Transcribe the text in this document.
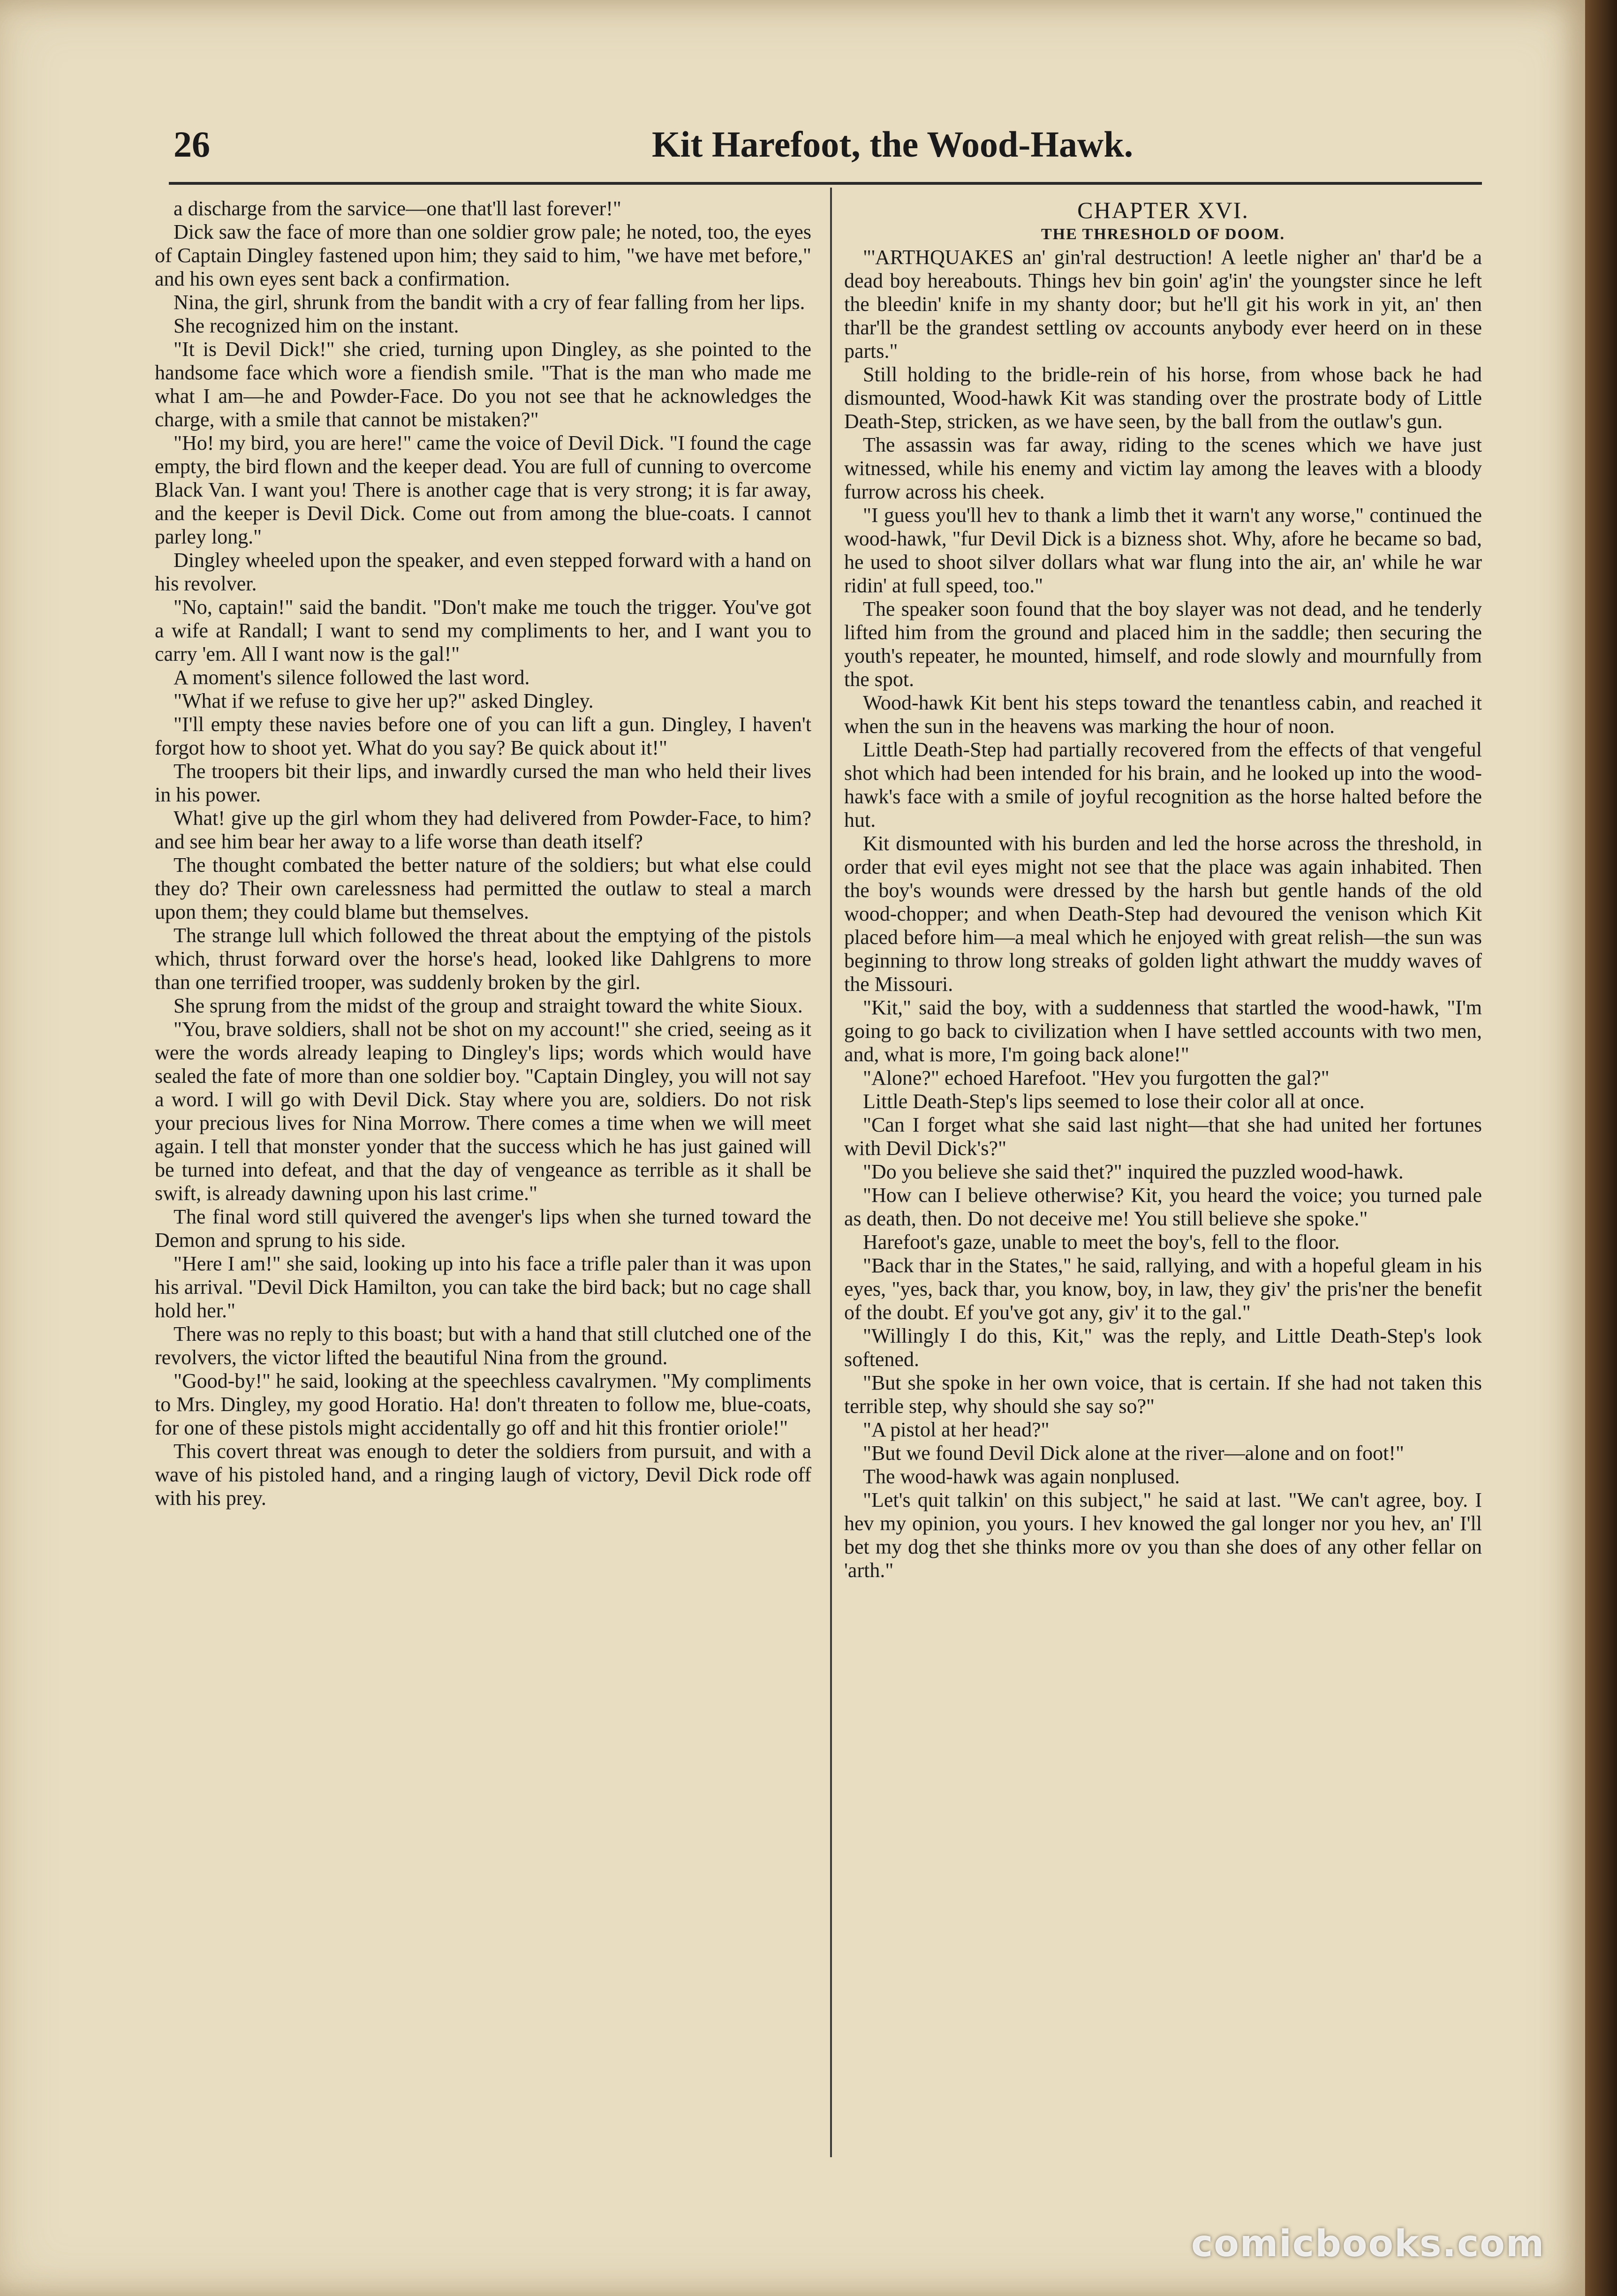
26	Kit Harefoot, the Wood-Hawk.

a discharge from the sarvice—one that'll last forever!"

Dick saw the face of more than one soldier grow pale; he noted, too, the eyes of Captain Dingley fastened upon him; they said to him, "we have met before," and his own eyes sent back a confirmation.

Nina, the girl, shrunk from the bandit with a cry of fear falling from her lips.

She recognized him on the instant.

"It is Devil Dick!" she cried, turning upon Dingley, as she pointed to the handsome face which wore a fiendish smile. "That is the man who made me what I am—he and Powder-Face. Do you not see that he acknowledges the charge, with a smile that cannot be mistaken?"

"Ho! my bird, you are here!" came the voice of Devil Dick. "I found the cage empty, the bird flown and the keeper dead. You are full of cunning to overcome Black Van. I want you! There is another cage that is very strong; it is far away, and the keeper is Devil Dick. Come out from among the blue-coats. I cannot parley long."

Dingley wheeled upon the speaker, and even stepped forward with a hand on his revolver.

"No, captain!" said the bandit. "Don't make me touch the trigger. You've got a wife at Randall; I want to send my compliments to her, and I want you to carry 'em. All I want now is the gal!"

A moment's silence followed the last word.

"What if we refuse to give her up?" asked Dingley.

"I'll empty these navies before one of you can lift a gun. Dingley, I haven't forgot how to shoot yet. What do you say? Be quick about it!"

The troopers bit their lips, and inwardly cursed the man who held their lives in his power.

What! give up the girl whom they had delivered from Powder-Face, to him? and see him bear her away to a life worse than death itself?

The thought combated the better nature of the soldiers; but what else could they do? Their own carelessness had permitted the outlaw to steal a march upon them; they could blame but themselves.

The strange lull which followed the threat about the emptying of the pistols which, thrust forward over the horse's head, looked like Dahlgrens to more than one terrified trooper, was suddenly broken by the girl.

She sprung from the midst of the group and straight toward the white Sioux.

"You, brave soldiers, shall not be shot on my account!" she cried, seeing as it were the words already leaping to Dingley's lips; words which would have sealed the fate of more than one soldier boy. "Captain Dingley, you will not say a word. I will go with Devil Dick. Stay where you are, soldiers. Do not risk your precious lives for Nina Morrow. There comes a time when we will meet again. I tell that monster yonder that the success which he has just gained will be turned into defeat, and that the day of vengeance as terrible as it shall be swift, is already dawning upon his last crime."

The final word still quivered the avenger's lips when she turned toward the Demon and sprung to his side.

"Here I am!" she said, looking up into his face a trifle paler than it was upon his arrival. "Devil Dick Hamilton, you can take the bird back; but no cage shall hold her."

There was no reply to this boast; but with a hand that still clutched one of the revolvers, the victor lifted the beautiful Nina from the ground.

"Good-by!" he said, looking at the speechless cavalrymen. "My compliments to Mrs. Dingley, my good Horatio. Ha! don't threaten to follow me, blue-coats, for one of these pistols might accidentally go off and hit this frontier oriole!"

This covert threat was enough to deter the soldiers from pursuit, and with a wave of his pistoled hand, and a ringing laugh of victory, Devil Dick rode off with his prey.

CHAPTER XVI.
THE THRESHOLD OF DOOM.

"'ARTHQUAKES an' gin'ral destruction! A leetle nigher an' thar'd be a dead boy hereabouts. Things hev bin goin' ag'in' the youngster since he left the bleedin' knife in my shanty door; but he'll git his work in yit, an' then thar'll be the grandest settling ov accounts anybody ever heerd on in these parts."

Still holding to the bridle-rein of his horse, from whose back he had dismounted, Wood-hawk Kit was standing over the prostrate body of Little Death-Step, stricken, as we have seen, by the ball from the outlaw's gun.

The assassin was far away, riding to the scenes which we have just witnessed, while his enemy and victim lay among the leaves with a bloody furrow across his cheek.

"I guess you'll hev to thank a limb thet it warn't any worse," continued the wood-hawk, "fur Devil Dick is a bizness shot. Why, afore he became so bad, he used to shoot silver dollars what war flung into the air, an' while he war ridin' at full speed, too."

The speaker soon found that the boy slayer was not dead, and he tenderly lifted him from the ground and placed him in the saddle; then securing the youth's repeater, he mounted, himself, and rode slowly and mournfully from the spot.

Wood-hawk Kit bent his steps toward the tenantless cabin, and reached it when the sun in the heavens was marking the hour of noon.

Little Death-Step had partially recovered from the effects of that vengeful shot which had been intended for his brain, and he looked up into the wood-hawk's face with a smile of joyful recognition as the horse halted before the hut.

Kit dismounted with his burden and led the horse across the threshold, in order that evil eyes might not see that the place was again inhabited. Then the boy's wounds were dressed by the harsh but gentle hands of the old wood-chopper; and when Death-Step had devoured the venison which Kit placed before him—a meal which he enjoyed with great relish—the sun was beginning to throw long streaks of golden light athwart the muddy waves of the Missouri.

"Kit," said the boy, with a suddenness that startled the wood-hawk, "I'm going to go back to civilization when I have settled accounts with two men, and, what is more, I'm going back alone!"

"Alone?" echoed Harefoot. "Hev you furgotten the gal?"

Little Death-Step's lips seemed to lose their color all at once.

"Can I forget what she said last night—that she had united her fortunes with Devil Dick's?"

"Do you believe she said thet?" inquired the puzzled wood-hawk.

"How can I believe otherwise? Kit, you heard the voice; you turned pale as death, then. Do not deceive me! You still believe she spoke."

Harefoot's gaze, unable to meet the boy's, fell to the floor.

"Back thar in the States," he said, rallying, and with a hopeful gleam in his eyes, "yes, back thar, you know, boy, in law, they giv' the pris'ner the benefit of the doubt. Ef you've got any, giv' it to the gal."

"Willingly I do this, Kit," was the reply, and Little Death-Step's look softened.

"But she spoke in her own voice, that is certain. If she had not taken this terrible step, why should she say so?"

"A pistol at her head?"

"But we found Devil Dick alone at the river—alone and on foot!"

The wood-hawk was again nonplused.

"Let's quit talkin' on this subject," he said at last. "We can't agree, boy. I hev my opinion, you yours. I hev knowed the gal longer nor you hev, an' I'll bet my dog thet she thinks more ov you than she does of any other fellar on 'arth."

comicbooks.com
